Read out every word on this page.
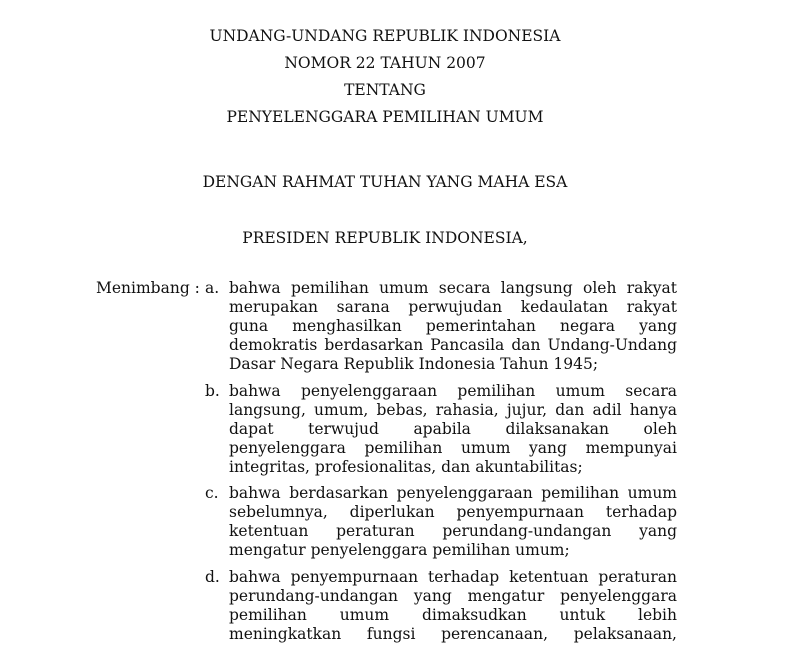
UNDANG-UNDANG REPUBLIK INDONESIA
NOMOR 22 TAHUN 2007
TENTANG
PENYELENGGARA PEMILIHAN UMUM
DENGAN RAHMAT TUHAN YANG MAHA ESA
PRESIDEN REPUBLIK INDONESIA,
Menimbang : a. bahwa pemilihan umum secara langsung oleh rakyat
merupakan sarana perwujudan kedaulatan rakyat
guna menghasilkan pemerintahan negara yang
demokratis berdasarkan Pancasila dan Undang-Undang
Dasar Negara Republik Indonesia Tahun 1945;
b. bahwa penyelenggaraan pemilihan umum secara
langsung, umum, bebas, rahasia, jujur, dan adil hanya
dapat terwujud apabila dilaksanakan oleh
penyelenggara pemilihan umum yang mempunyai
integritas, profesionalitas, dan akuntabilitas;
c. bahwa berdasarkan penyelenggaraan pemilihan umum
sebelumnya, diperlukan penyempurnaan terhadap
ketentuan peraturan perundang-undangan yang
mengatur penyelenggara pemilihan umum;
d. bahwa penyempurnaan terhadap ketentuan peraturan
perundang-undangan yang mengatur penyelenggara
pemilihan umum dimaksudkan untuk lebih
meningkatkan fungsi perencanaan, pelaksanaan,
